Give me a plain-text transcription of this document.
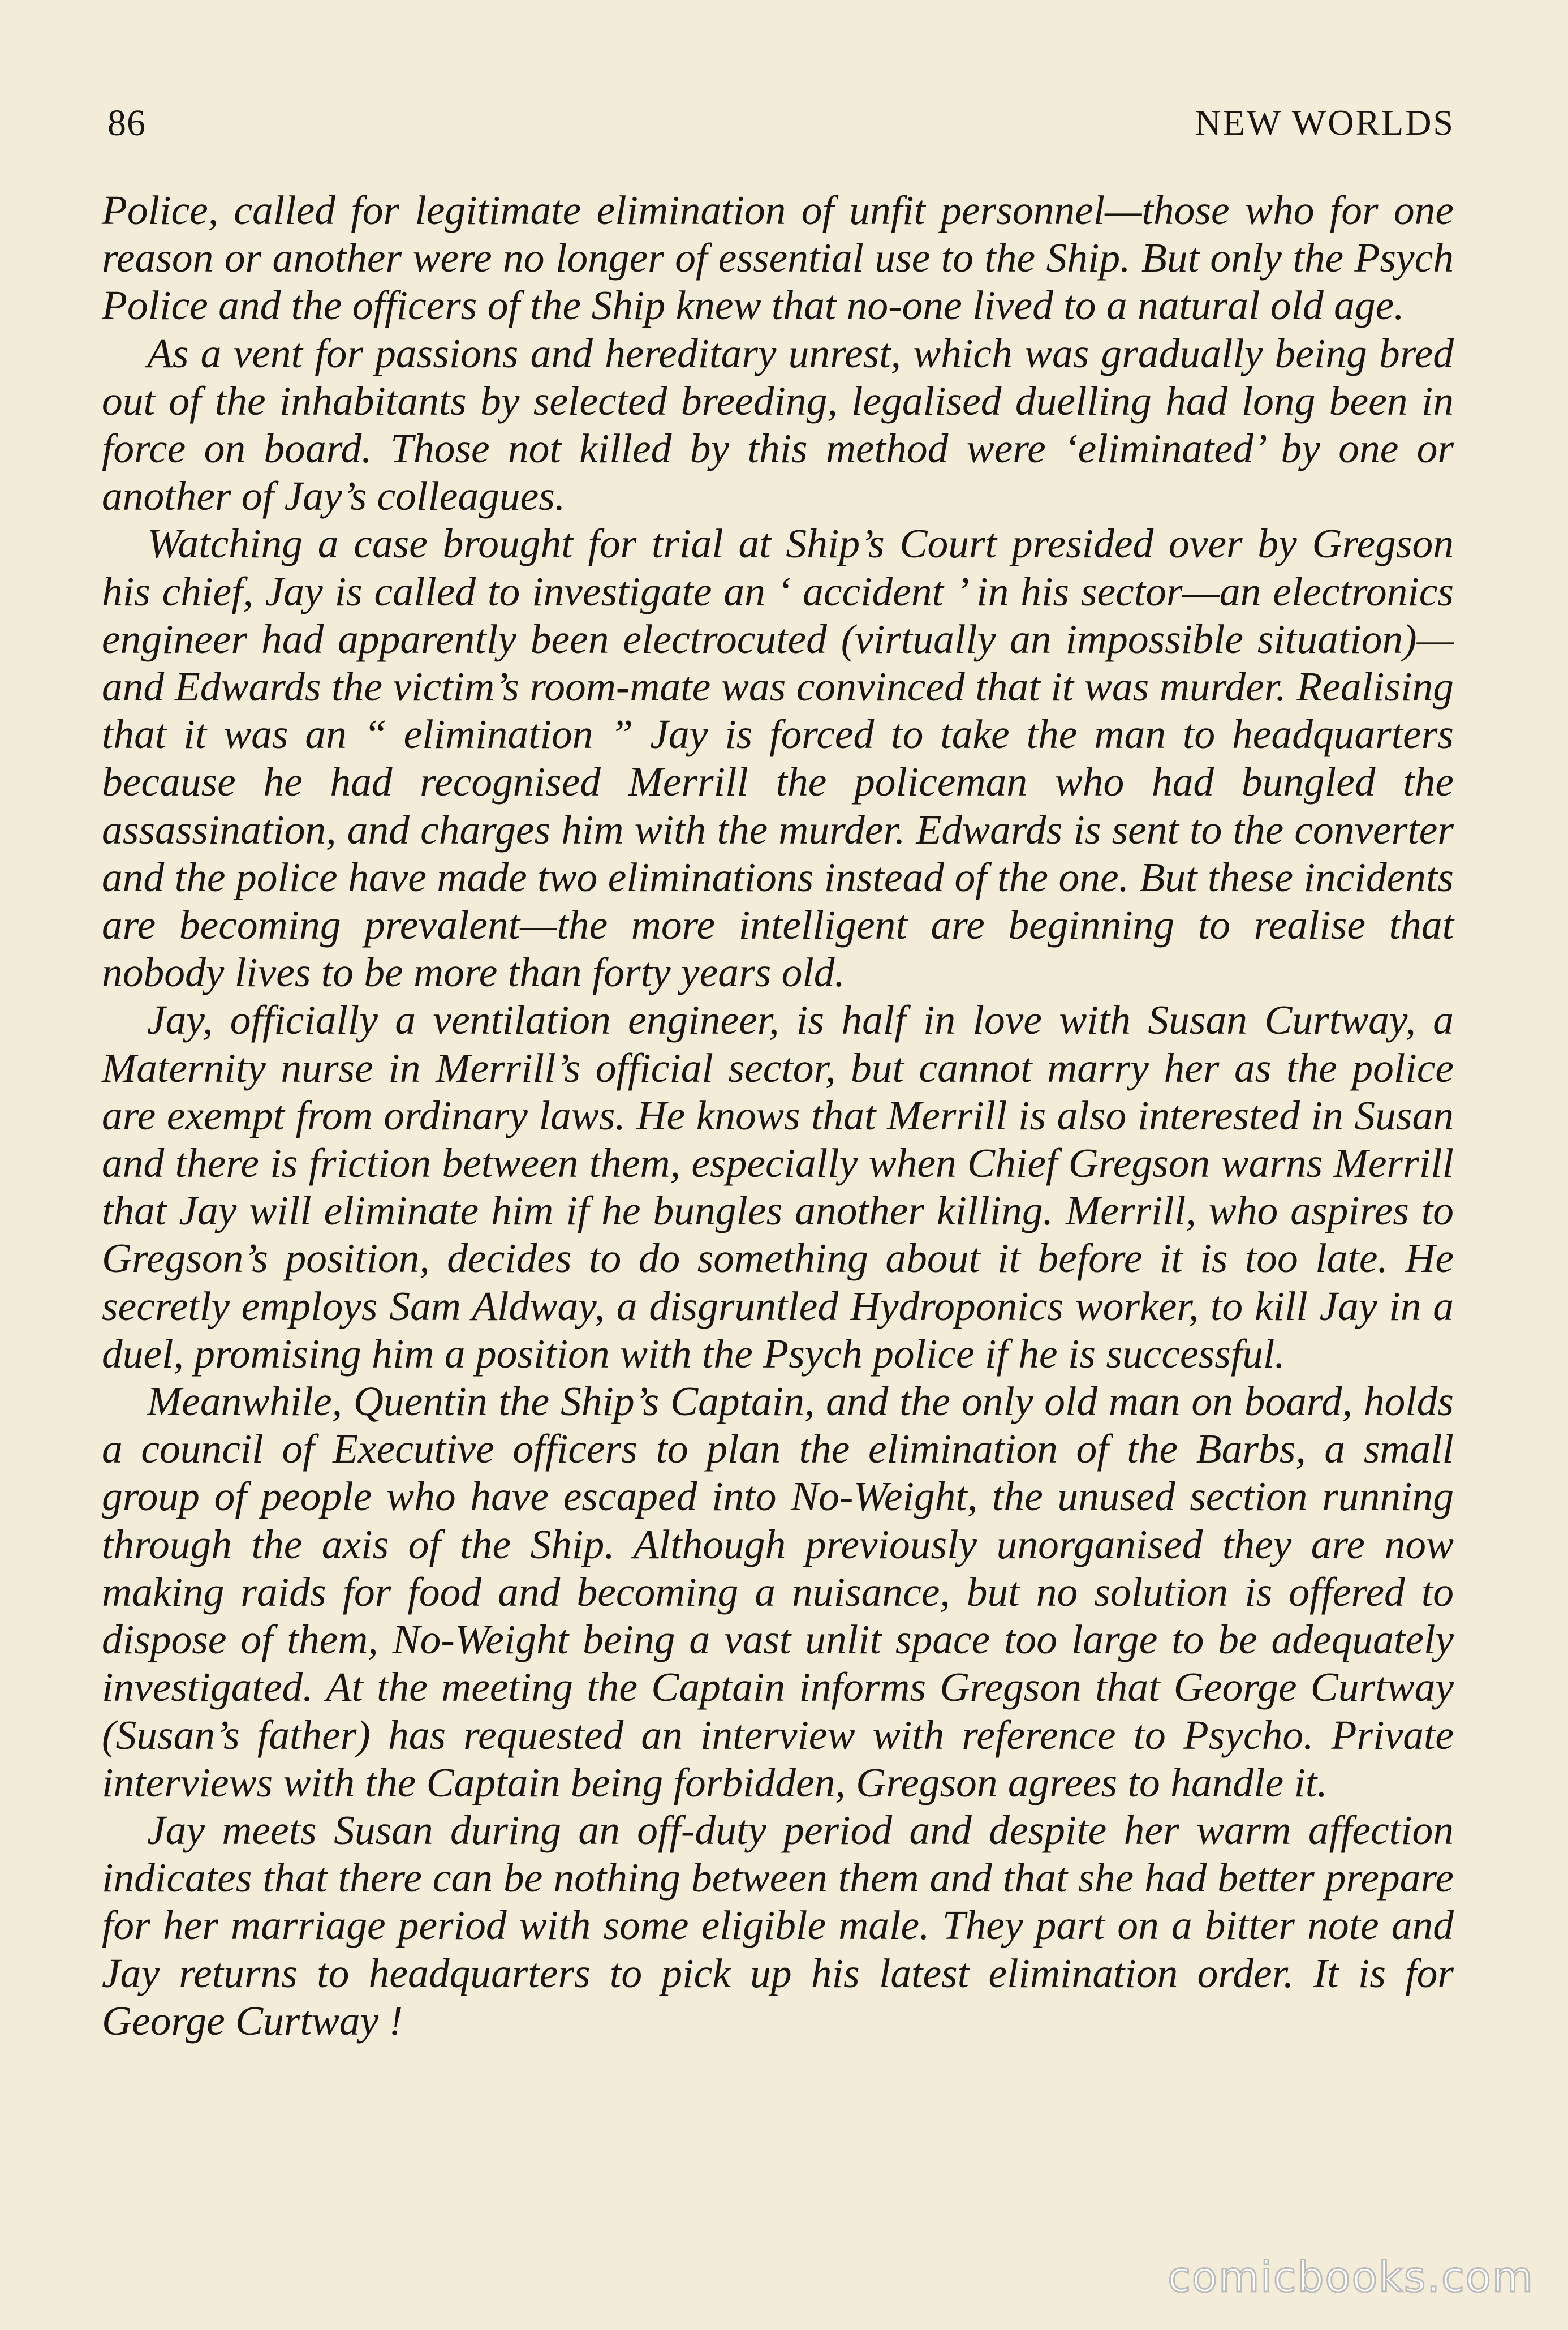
86	NEW WORLDS

Police, called for legitimate elimination of unfit personnel—those who for one reason or another were no longer of essential use to the Ship. But only the Psych Police and the officers of the Ship knew that no-one lived to a natural old age.

As a vent for passions and hereditary unrest, which was gradually being bred out of the inhabitants by selected breeding, legalised duelling had long been in force on board. Those not killed by this method were ‘eliminated’ by one or another of Jay’s colleagues.

Watching a case brought for trial at Ship’s Court presided over by Gregson his chief, Jay is called to investigate an ‘ accident ’ in his sector—an electronics engineer had apparently been electrocuted (virtually an impossible situation)—and Edwards the victim’s room-mate was convinced that it was murder. Realising that it was an “ elimination ” Jay is forced to take the man to headquarters because he had recognised Merrill the policeman who had bungled the assassination, and charges him with the murder. Edwards is sent to the converter and the police have made two eliminations instead of the one. But these incidents are becoming prevalent—the more intelligent are beginning to realise that nobody lives to be more than forty years old.

Jay, officially a ventilation engineer, is half in love with Susan Curtway, a Maternity nurse in Merrill’s official sector, but cannot marry her as the police are exempt from ordinary laws. He knows that Merrill is also interested in Susan and there is friction between them, especially when Chief Gregson warns Merrill that Jay will eliminate him if he bungles another killing. Merrill, who aspires to Gregson’s position, decides to do something about it before it is too late. He secretly employs Sam Aldway, a disgruntled Hydroponics worker, to kill Jay in a duel, promising him a position with the Psych police if he is successful.

Meanwhile, Quentin the Ship’s Captain, and the only old man on board, holds a council of Executive officers to plan the elimination of the Barbs, a small group of people who have escaped into No-Weight, the unused section running through the axis of the Ship. Although previously unorganised they are now making raids for food and becoming a nuisance, but no solution is offered to dispose of them, No-Weight being a vast unlit space too large to be adequately investigated. At the meeting the Captain informs Gregson that George Curtway (Susan’s father) has requested an interview with reference to Psycho. Private interviews with the Captain being forbidden, Gregson agrees to handle it.

Jay meets Susan during an off-duty period and despite her warm affection indicates that there can be nothing between them and that she had better prepare for her marriage period with some eligible male. They part on a bitter note and Jay returns to headquarters to pick up his latest elimination order. It is for George Curtway !

comicbooks.com
